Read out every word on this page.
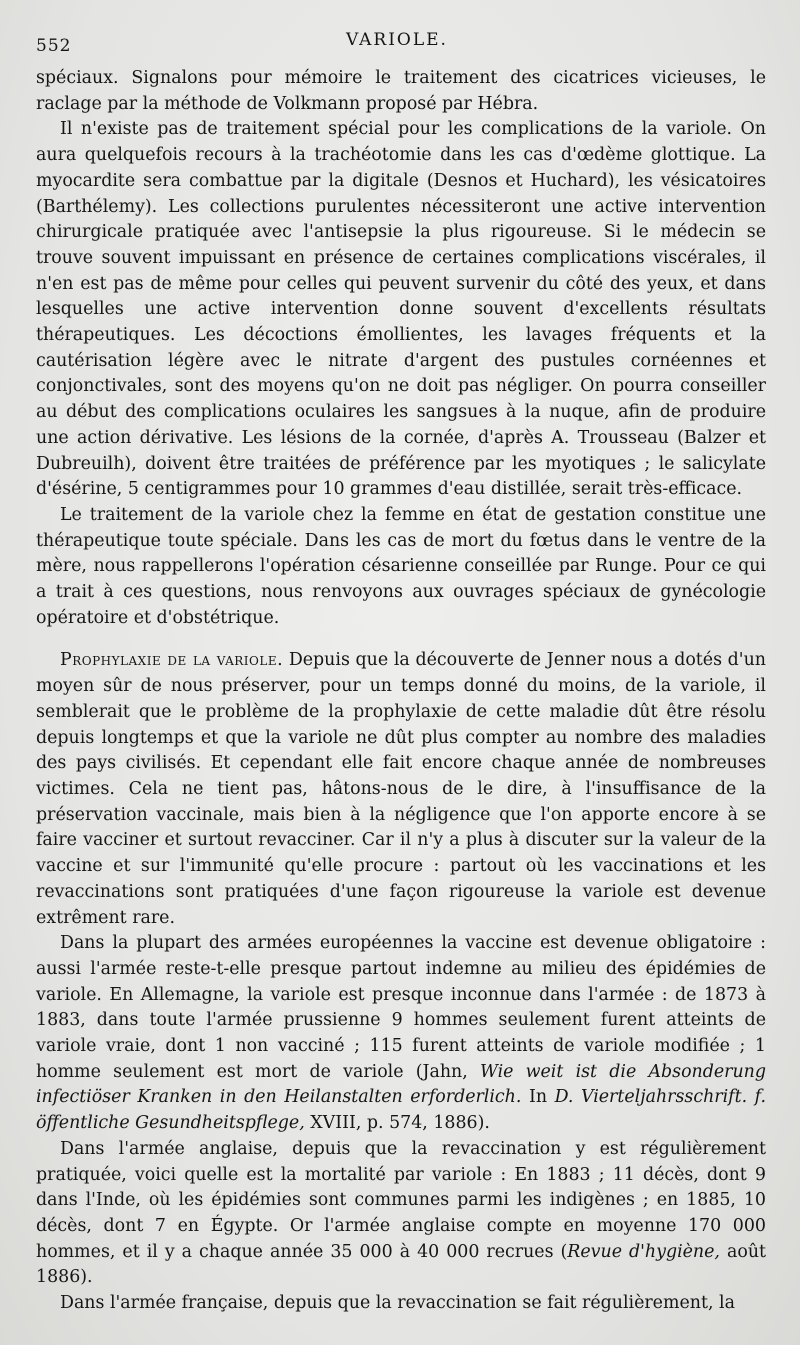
552	VARIOLE.

spéciaux. Signalons pour mémoire le traitement des cicatrices vicieuses, le raclage par la méthode de Volkmann proposé par Hébra.

Il n'existe pas de traitement spécial pour les complications de la variole. On aura quelquefois recours à la trachéotomie dans les cas d'œdème glottique. La myocardite sera combattue par la digitale (Desnos et Huchard), les vésicatoires (Barthélemy). Les collections purulentes nécessiteront une active intervention chirurgicale pratiquée avec l'antisepsie la plus rigoureuse. Si le médecin se trouve souvent impuissant en présence de certaines complications viscérales, il n'en est pas de même pour celles qui peuvent survenir du côté des yeux, et dans lesquelles une active intervention donne souvent d'excellents résultats thérapeutiques. Les décoctions émollientes, les lavages fréquents et la cautérisation légère avec le nitrate d'argent des pustules cornéennes et conjonctivales, sont des moyens qu'on ne doit pas négliger. On pourra conseiller au début des complications oculaires les sangsues à la nuque, afin de produire une action dérivative. Les lésions de la cornée, d'après A. Trousseau (Balzer et Dubreuilh), doivent être traitées de préférence par les myotiques ; le salicylate d'ésérine, 5 centigrammes pour 10 grammes d'eau distillée, serait très-efficace.

Le traitement de la variole chez la femme en état de gestation constitue une thérapeutique toute spéciale. Dans les cas de mort du fœtus dans le ventre de la mère, nous rappellerons l'opération césarienne conseillée par Runge. Pour ce qui a trait à ces questions, nous renvoyons aux ouvrages spéciaux de gynécologie opératoire et d'obstétrique.

Prophylaxie de la variole. Depuis que la découverte de Jenner nous a dotés d'un moyen sûr de nous préserver, pour un temps donné du moins, de la variole, il semblerait que le problème de la prophylaxie de cette maladie dût être résolu depuis longtemps et que la variole ne dût plus compter au nombre des maladies des pays civilisés. Et cependant elle fait encore chaque année de nombreuses victimes. Cela ne tient pas, hâtons-nous de le dire, à l'insuffisance de la préservation vaccinale, mais bien à la négligence que l'on apporte encore à se faire vacciner et surtout revacciner. Car il n'y a plus à discuter sur la valeur de la vaccine et sur l'immunité qu'elle procure : partout où les vaccinations et les revaccinations sont pratiquées d'une façon rigoureuse la variole est devenue extrêment rare.

Dans la plupart des armées européennes la vaccine est devenue obligatoire : aussi l'armée reste-t-elle presque partout indemne au milieu des épidémies de variole. En Allemagne, la variole est presque inconnue dans l'armée : de 1873 à 1883, dans toute l'armée prussienne 9 hommes seulement furent atteints de variole vraie, dont 1 non vacciné ; 115 furent atteints de variole modifiée ; 1 homme seulement est mort de variole (Jahn, Wie weit ist die Absonderung infectiöser Kranken in den Heilanstalten erforderlich. In D. Vierteljahrsschrift. f. öffentliche Gesundheitspflege, XVIII, p. 574, 1886).

Dans l'armée anglaise, depuis que la revaccination y est régulièrement pratiquée, voici quelle est la mortalité par variole : En 1883 ; 11 décès, dont 9 dans l'Inde, où les épidémies sont communes parmi les indigènes ; en 1885, 10 décès, dont 7 en Égypte. Or l'armée anglaise compte en moyenne 170 000 hommes, et il y a chaque année 35 000 à 40 000 recrues (Revue d'hygiène, août 1886).

Dans l'armée française, depuis que la revaccination se fait régulièrement, la
